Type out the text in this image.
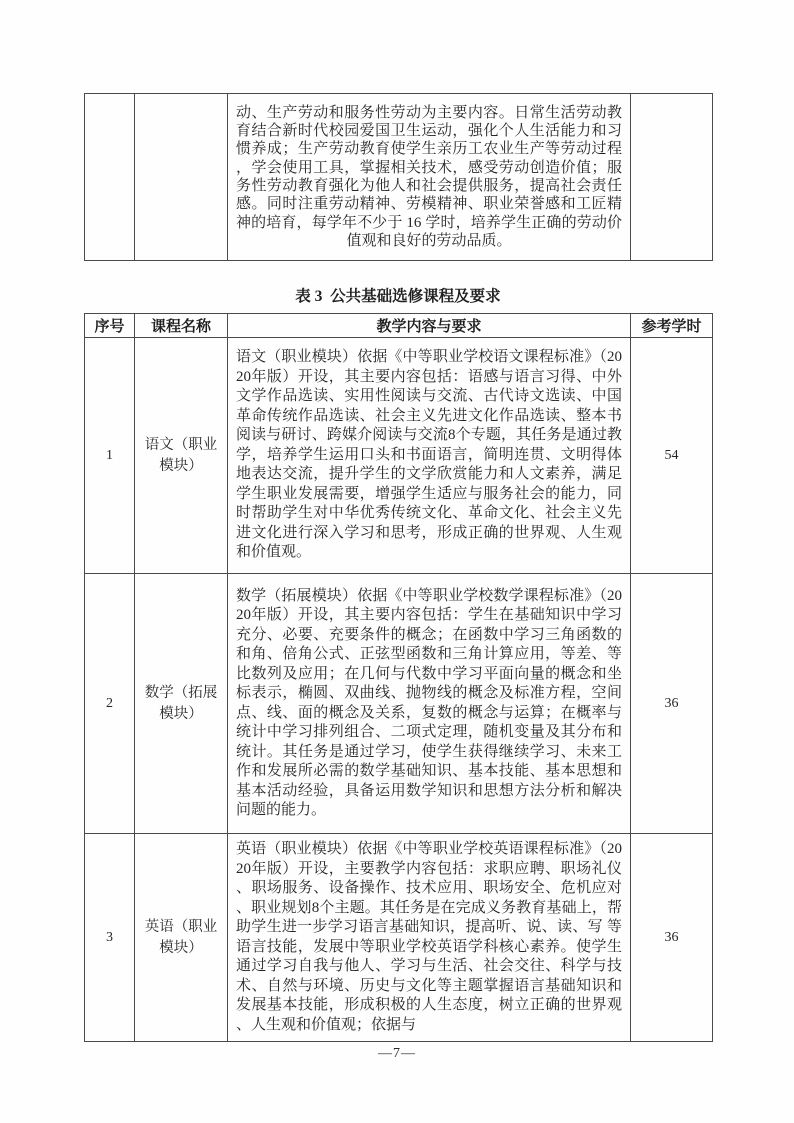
		动、生产劳动和服务性劳动为主要内容。日常生活劳动教育结合新时代校园爱国卫生运动，强化个人生活能力和习惯养成；生产劳动教育使学生亲历工农业生产等劳动过程，学会使用工具，掌握相关技术，感受劳动创造价值；服务性劳动教育强化为他人和社会提供服务，提高社会责任感。同时注重劳动精神、劳模精神、职业荣誉感和工匠精神的培育，每学年不少于 16 学时，培养学生正确的劳动价值观和良好的劳动品质。	
表 3  公共基础选修课程及要求
序号	课程名称	教学内容与要求	参考学时
1	语文（职业模块）	语文（职业模块）依据《中等职业学校语文课程标准》（2020年版）开设，其主要内容包括：语感与语言习得、中外文学作品选读、实用性阅读与交流、古代诗文选读、中国革命传统作品选读、社会主义先进文化作品选读、整本书阅读与研讨、跨媒介阅读与交流8个专题，其任务是通过教学，培养学生运用口头和书面语言，简明连贯、文明得体地表达交流，提升学生的文学欣赏能力和人文素养，满足学生职业发展需要，增强学生适应与服务社会的能力，同时帮助学生对中华优秀传统文化、革命文化、社会主义先进文化进行深入学习和思考，形成正确的世界观、人生观和价值观。	54
2	数学（拓展模块）	数学（拓展模块）依据《中等职业学校数学课程标准》（2020年版）开设，其主要内容包括：学生在基础知识中学习充分、必要、充要条件的概念；在函数中学习三角函数的和角、倍角公式、正弦型函数和三角计算应用，等差、等比数列及应用；在几何与代数中学习平面向量的概念和坐标表示，椭圆、双曲线、抛物线的概念及标准方程，空间点、线、面的概念及关系，复数的概念与运算；在概率与统计中学习排列组合、二项式定理，随机变量及其分布和统计。其任务是通过学习，使学生获得继续学习、未来工作和发展所必需的数学基础知识、基本技能、基本思想和基本活动经验，具备运用数学知识和思想方法分析和解决问题的能力。	36
3	英语（职业模块）	英语（职业模块）依据《中等职业学校英语课程标准》（2020年版）开设，主要教学内容包括：求职应聘、职场礼仪、职场服务、设备操作、技术应用、职场安全、危机应对、职业规划8个主题。其任务是在完成义务教育基础上，帮助学生进一步学习语言基础知识，提高听、说、读、写 等语言技能，发展中等职业学校英语学科核心素养。使学生通过学习自我与他人、学习与生活、社会交往、科学与技术、自然与环境、历史与文化等主题掌握语言基础知识和发展基本技能，形成积极的人生态度，树立正确的世界观、人生观和价值观；依据与	36
—7—
